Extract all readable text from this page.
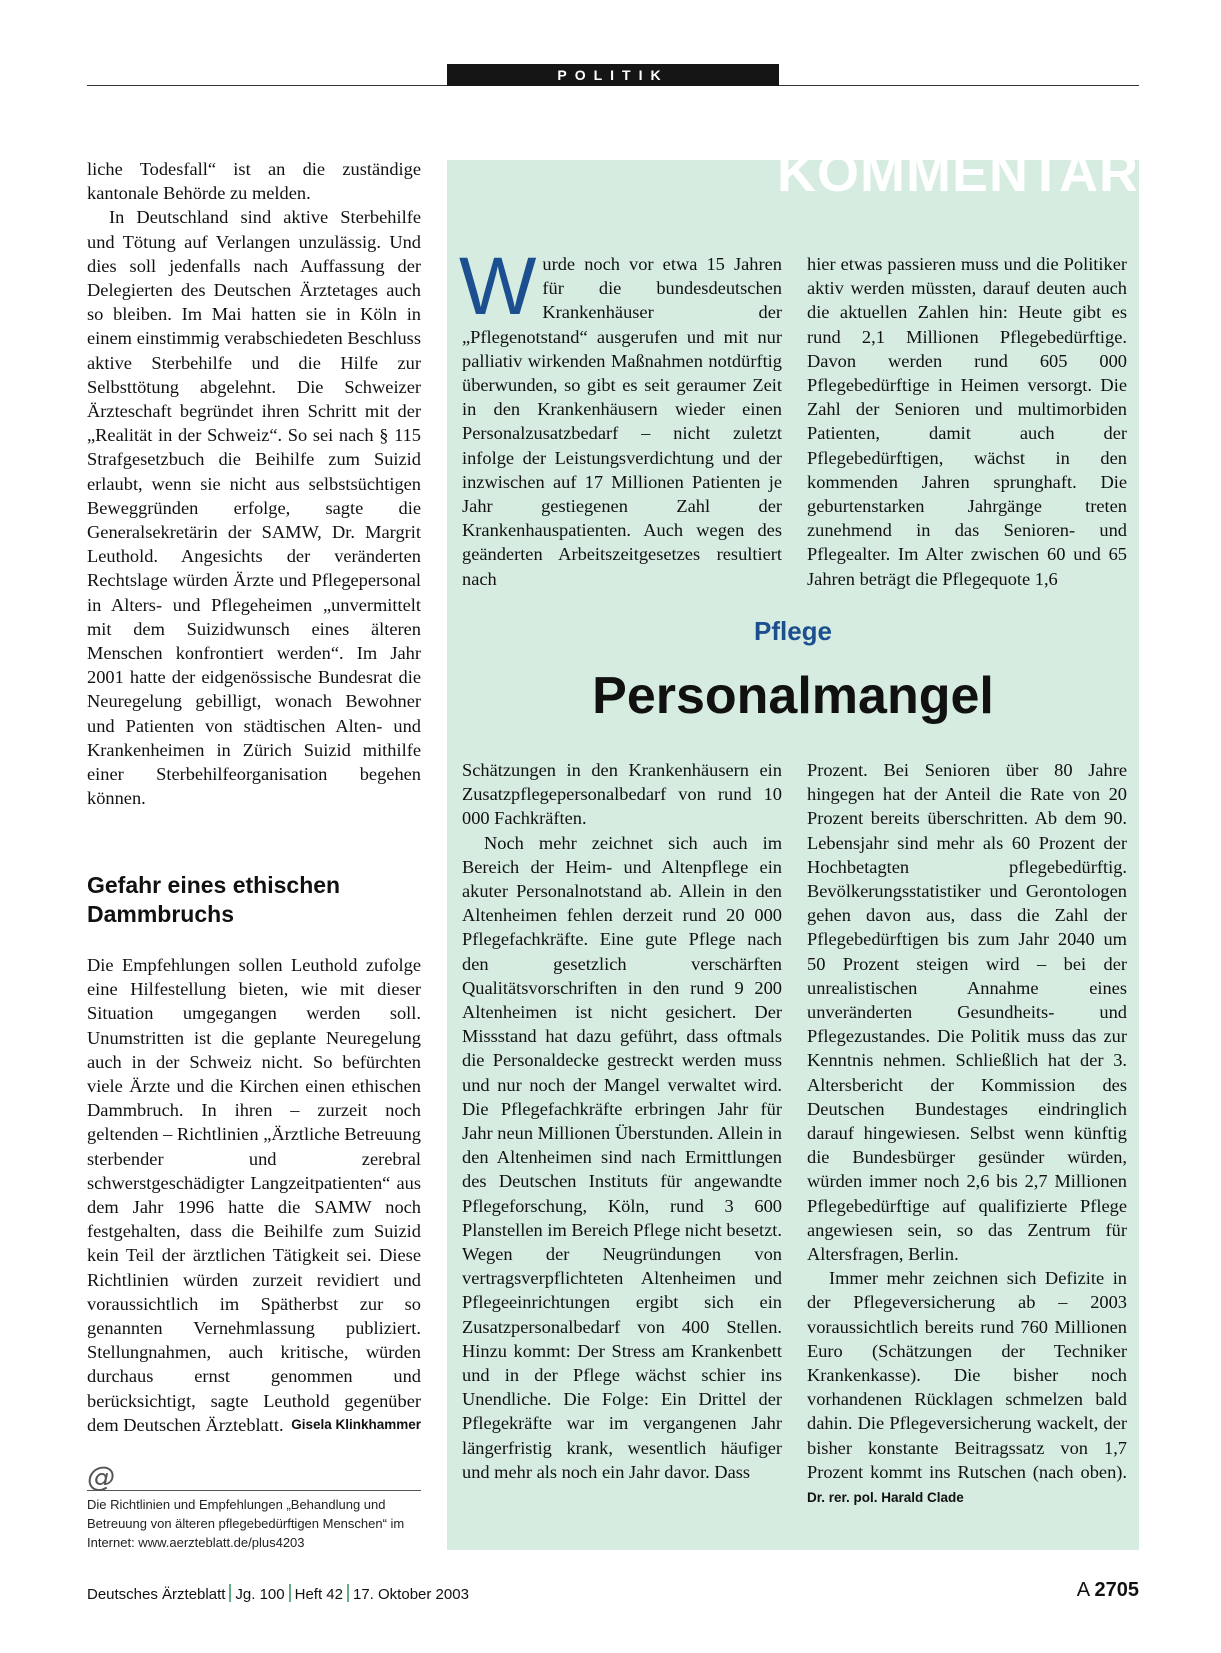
POLITIK

liche Todesfall“ ist an die zuständige kantonale Behörde zu melden.

In Deutschland sind aktive Sterbehilfe und Tötung auf Verlangen unzulässig. Und dies soll jedenfalls nach Auffassung der Delegierten des Deutschen Ärztetages auch so bleiben. Im Mai hatten sie in Köln in einem einstimmig verabschiedeten Beschluss aktive Sterbehilfe und die Hilfe zur Selbsttötung abgelehnt. Die Schweizer Ärzteschaft begründet ihren Schritt mit der „Realität in der Schweiz“. So sei nach § 115 Strafgesetzbuch die Beihilfe zum Suizid erlaubt, wenn sie nicht aus selbstsüchtigen Beweggründen erfolge, sagte die Generalsekretärin der SAMW, Dr. Margrit Leuthold. Angesichts der veränderten Rechtslage würden Ärzte und Pflegepersonal in Alters- und Pflegeheimen „unvermittelt mit dem Suizidwunsch eines älteren Menschen konfrontiert werden“. Im Jahr 2001 hatte der eidgenössische Bundesrat die Neuregelung gebilligt, wonach Bewohner und Patienten von städtischen Alten- und Krankenheimen in Zürich Suizid mithilfe einer Sterbehilfeorganisation begehen können.

Gefahr eines ethischen Dammbruchs

Die Empfehlungen sollen Leuthold zufolge eine Hilfestellung bieten, wie mit dieser Situation umgegangen werden soll. Unumstritten ist die geplante Neuregelung auch in der Schweiz nicht. So befürchten viele Ärzte und die Kirchen einen ethischen Dammbruch. In ihren – zurzeit noch geltenden – Richtlinien „Ärztliche Betreuung sterbender und zerebral schwerstgeschädigter Langzeitpatienten“ aus dem Jahr 1996 hatte die SAMW noch festgehalten, dass die Beihilfe zum Suizid kein Teil der ärztlichen Tätigkeit sei. Diese Richtlinien würden zurzeit revidiert und voraussichtlich im Spätherbst zur so genannten Vernehmlassung publiziert. Stellungnahmen, auch kritische, würden durchaus ernst genommen und berücksichtigt, sagte Leuthold gegenüber dem Deutschen Ärzteblatt. Gisela Klinkhammer

@
Die Richtlinien und Empfehlungen „Behandlung und Betreuung von älteren pflegebedürftigen Menschen“ im Internet: www.aerzteblatt.de/plus4203
KOMMENTAR

Wurde noch vor etwa 15 Jahren für die bundesdeutschen Krankenhäuser der „Pflegenotstand“ ausgerufen und mit nur palliativ wirkenden Maßnahmen notdürftig überwunden, so gibt es seit geraumer Zeit in den Krankenhäusern wieder einen Personalzusatzbedarf – nicht zuletzt infolge der Leistungsverdichtung und der inzwischen auf 17 Millionen Patienten je Jahr gestiegenen Zahl der Krankenhauspatienten. Auch wegen des geänderten Arbeitszeitgesetzes resultiert nach

hier etwas passieren muss und die Politiker aktiv werden müssten, darauf deuten auch die aktuellen Zahlen hin: Heute gibt es rund 2,1 Millionen Pflegebedürftige. Davon werden rund 605 000 Pflegebedürftige in Heimen versorgt. Die Zahl der Senioren und multimorbiden Patienten, damit auch der Pflegebedürftigen, wächst in den kommenden Jahren sprunghaft. Die geburtenstarken Jahrgänge treten zunehmend in das Senioren- und Pflegealter. Im Alter zwischen 60 und 65 Jahren beträgt die Pflegequote 1,6

Pflege
Personalmangel

Schätzungen in den Krankenhäusern ein Zusatzpflegepersonalbedarf von rund 10 000 Fachkräften.

Noch mehr zeichnet sich auch im Bereich der Heim- und Altenpflege ein akuter Personalnotstand ab. Allein in den Altenheimen fehlen derzeit rund 20 000 Pflegefachkräfte. Eine gute Pflege nach den gesetzlich verschärften Qualitätsvorschriften in den rund 9 200 Altenheimen ist nicht gesichert. Der Missstand hat dazu geführt, dass oftmals die Personaldecke gestreckt werden muss und nur noch der Mangel verwaltet wird. Die Pflegefachkräfte erbringen Jahr für Jahr neun Millionen Überstunden. Allein in den Altenheimen sind nach Ermittlungen des Deutschen Instituts für angewandte Pflegeforschung, Köln, rund 3 600 Planstellen im Bereich Pflege nicht besetzt. Wegen der Neugründungen von vertragsverpflichteten Altenheimen und Pflegeeinrichtungen ergibt sich ein Zusatzpersonalbedarf von 400 Stellen. Hinzu kommt: Der Stress am Krankenbett und in der Pflege wächst schier ins Unendliche. Die Folge: Ein Drittel der Pflegekräfte war im vergangenen Jahr längerfristig krank, wesentlich häufiger und mehr als noch ein Jahr davor. Dass

Prozent. Bei Senioren über 80 Jahre hingegen hat der Anteil die Rate von 20 Prozent bereits überschritten. Ab dem 90. Lebensjahr sind mehr als 60 Prozent der Hochbetagten pflegebedürftig. Bevölkerungsstatistiker und Gerontologen gehen davon aus, dass die Zahl der Pflegebedürftigen bis zum Jahr 2040 um 50 Prozent steigen wird – bei der unrealistischen Annahme eines unveränderten Gesundheits- und Pflegezustandes. Die Politik muss das zur Kenntnis nehmen. Schließlich hat der 3. Altersbericht der Kommission des Deutschen Bundestages eindringlich darauf hingewiesen. Selbst wenn künftig die Bundesbürger gesünder würden, würden immer noch 2,6 bis 2,7 Millionen Pflegebedürftige auf qualifizierte Pflege angewiesen sein, so das Zentrum für Altersfragen, Berlin.

Immer mehr zeichnen sich Defizite in der Pflegeversicherung ab – 2003 voraussichtlich bereits rund 760 Millionen Euro (Schätzungen der Techniker Krankenkasse). Die bisher noch vorhandenen Rücklagen schmelzen bald dahin. Die Pflegeversicherung wackelt, der bisher konstante Beitragssatz von 1,7 Prozent kommt ins Rutschen (nach oben). Dr. rer. pol. Harald Clade

Deutsches Ärzteblatt Jg. 100 Heft 42 17. Oktober 2003	A 2705
